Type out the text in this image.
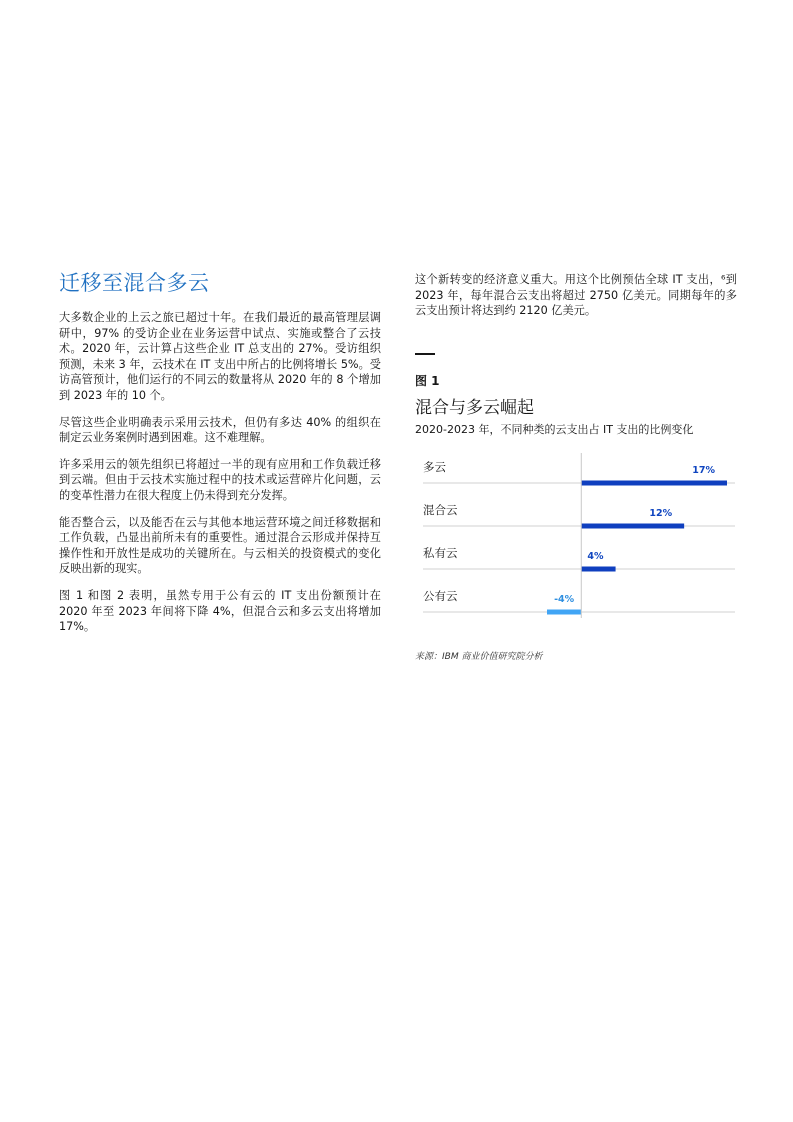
迁移至混合多云

大多数企业的上云之旅已超过十年。在我们最近的最高管理层调研中，97% 的受访企业在业务运营中试点、实施或整合了云技术。2020 年，云计算占这些企业 IT 总支出的 27%。受访组织预测，未来 3 年，云技术在 IT 支出中所占的比例将增长 5%。受访高管预计，他们运行的不同云的数量将从 2020 年的 8 个增加到 2023 年的 10 个。

尽管这些企业明确表示采用云技术，但仍有多达 40% 的组织在制定云业务案例时遇到困难。这不难理解。

许多采用云的领先组织已将超过一半的现有应用和工作负载迁移到云端。但由于云技术实施过程中的技术或运营碎片化问题，云的变革性潜力在很大程度上仍未得到充分发挥。

能否整合云，以及能否在云与其他本地运营环境之间迁移数据和工作负载，凸显出前所未有的重要性。通过混合云形成并保持互操作性和开放性是成功的关键所在。与云相关的投资模式的变化反映出新的现实。

图 1 和图 2 表明，虽然专用于公有云的 IT 支出份额预计在 2020 年至 2023 年间将下降 4%，但混合云和多云支出将增加 17%。

这个新转变的经济意义重大。用这个比例预估全球 IT 支出，⁶到 2023 年，每年混合云支出将超过 2750 亿美元。同期每年的多云支出预计将达到约 2120 亿美元。

图 1
混合与多云崛起
2020-2023 年，不同种类的云支出占 IT 支出的比例变化
多云	17%
混合云	12%
私有云	4%
公有云	-4%
来源：IBM 商业价值研究院分析
